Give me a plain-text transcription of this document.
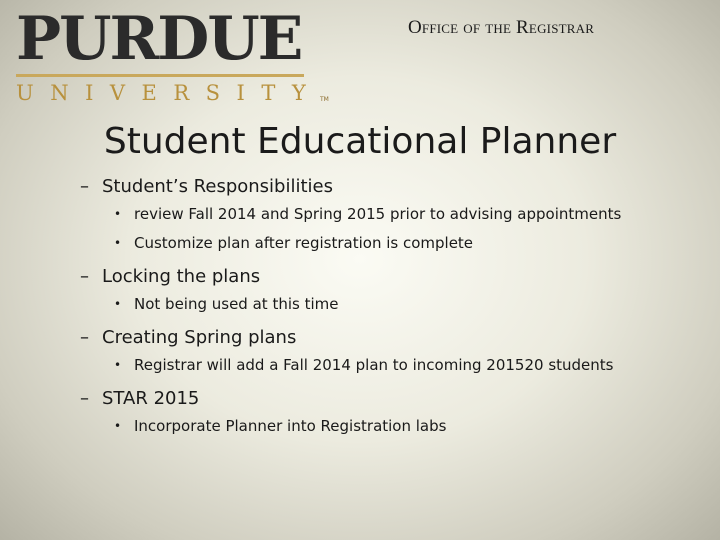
PURDUE
UNIVERSITY
TM
Office of the Registrar
Student Educational Planner
– Student’s Responsibilities
• review Fall 2014 and Spring 2015 prior to advising appointments
• Customize plan after registration is complete
– Locking the plans
• Not being used at this time
– Creating Spring plans
• Registrar will add a Fall 2014 plan to incoming 201520 students
– STAR 2015
• Incorporate Planner into Registration labs
